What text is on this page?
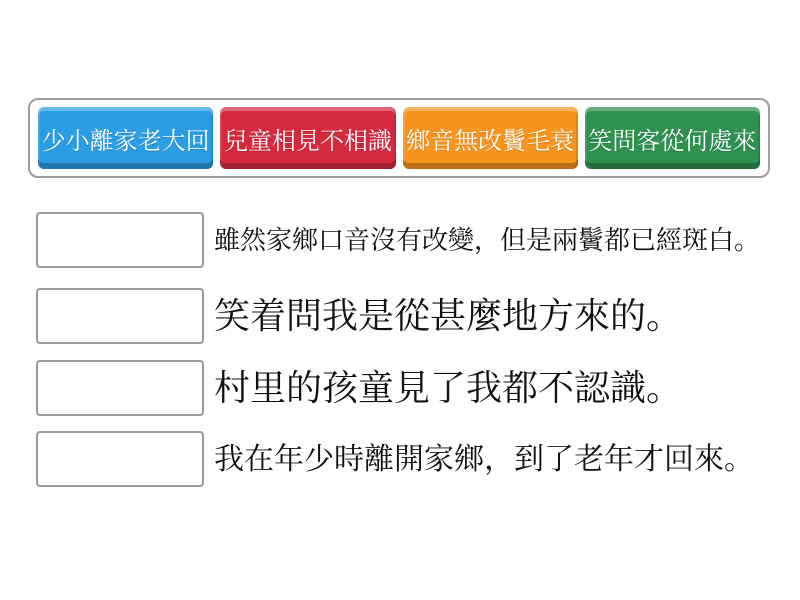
少小離家老大回 兒童相見不相識 鄉音無改鬢毛衰 笑問客從何處來
雖然家鄉口音沒有改變，但是兩鬢都已經斑白。
笑着問我是從甚麼地方來的。
村里的孩童見了我都不認識。
我在年少時離開家鄉，到了老年才回來。
